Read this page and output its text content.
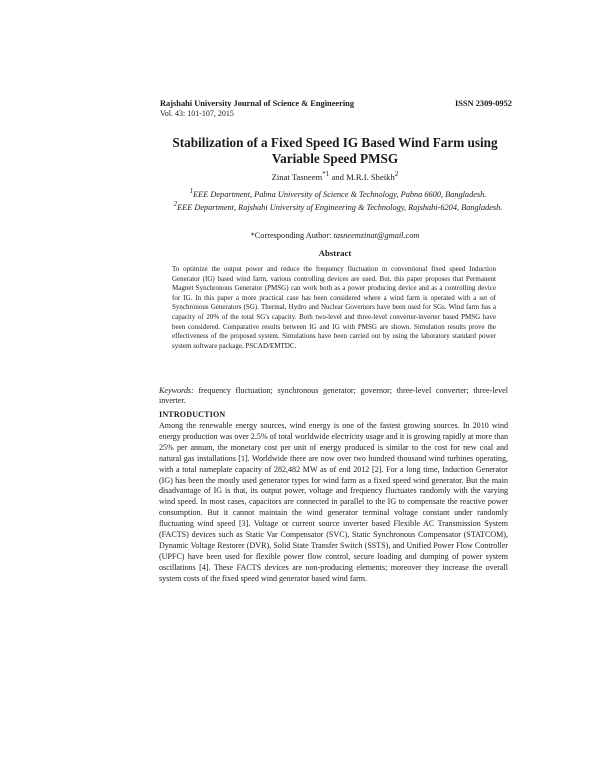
Rajshahi University Journal of Science & Engineering	ISSN 2309-0952
Vol. 43: 101-107, 2015
Stabilization of a Fixed Speed IG Based Wind Farm using
Variable Speed PMSG
Zinat Tasneem$^{*1}$ and M.R.I. Sheikh$^2$
$^1$EEE Department, Pabna University of Science & Technology, Pabna 6600, Bangladesh.
$^2$EEE Department, Rajshahi University of Engineering & Technology, Rajshahi-6204, Bangladesh.
*Corresponding Author: tasneemzinat@gmail.com
Abstract

To optimize the output power and reduce the frequency fluctuation in conventional fixed speed Induction Generator (IG) based wind farm, various controlling devices are used. But, this paper proposes that Permanent Magnet Synchronous Generator (PMSG) can work both as a power producing device and as a controlling device for IG. In this paper a more practical case has been considered where a wind farm is operated with a set of Synchronous Generators (SG). Thermal, Hydro and Nuclear Governors have been used for SGs. Wind farm has a capacity of 20% of the total SG's capacity. Both two-level and three-level converter-inverter based PMSG have been considered. Comparative results between IG and IG with PMSG are shown. Simulation results prove the effectiveness of the proposed system. Simulations have been carried out by using the laboratory standard power system software package, PSCAD/EMTDC.

Keywords: frequency fluctuation; synchronous generator; governor; three-level converter; three-level inverter.

INTRODUCTION

Among the renewable energy sources, wind energy is one of the fastest growing sources. In 2010 wind energy production was over 2.5% of total worldwide electricity usage and it is growing rapidly at more than 25% per annum, the monetary cost per unit of energy produced is similar to the cost for new coal and natural gas installations [1]. Worldwide there are now over two hundred thousand wind turbines operating, with a total nameplate capacity of 282,482 MW as of end 2012 [2]. For a long time, Induction Generator (IG) has been the mostly used generator types for wind farm as a fixed speed wind generator. But the main disadvantage of IG is that, its output power, voltage and frequency fluctuates randomly with the varying wind speed. In most cases, capacitors are connected in parallel to the IG to compensate the reactive power consumption. But it cannot maintain the wind generator terminal voltage constant under randomly fluctuating wind speed [3]. Voltage or current source inverter based Flexible AC Transmission System (FACTS) devices such as Static Var Compensator (SVC), Static Synchronous Compensator (STATCOM), Dynamic Voltage Restorer (DVR), Solid State Transfer Switch (SSTS), and Unified Power Flow Controller (UPFC) have been used for flexible power flow control, secure loading and dumping of power system oscillations [4]. These FACTS devices are non-producing elements; moreover they increase the overall system costs of the fixed speed wind generator based wind farm.
